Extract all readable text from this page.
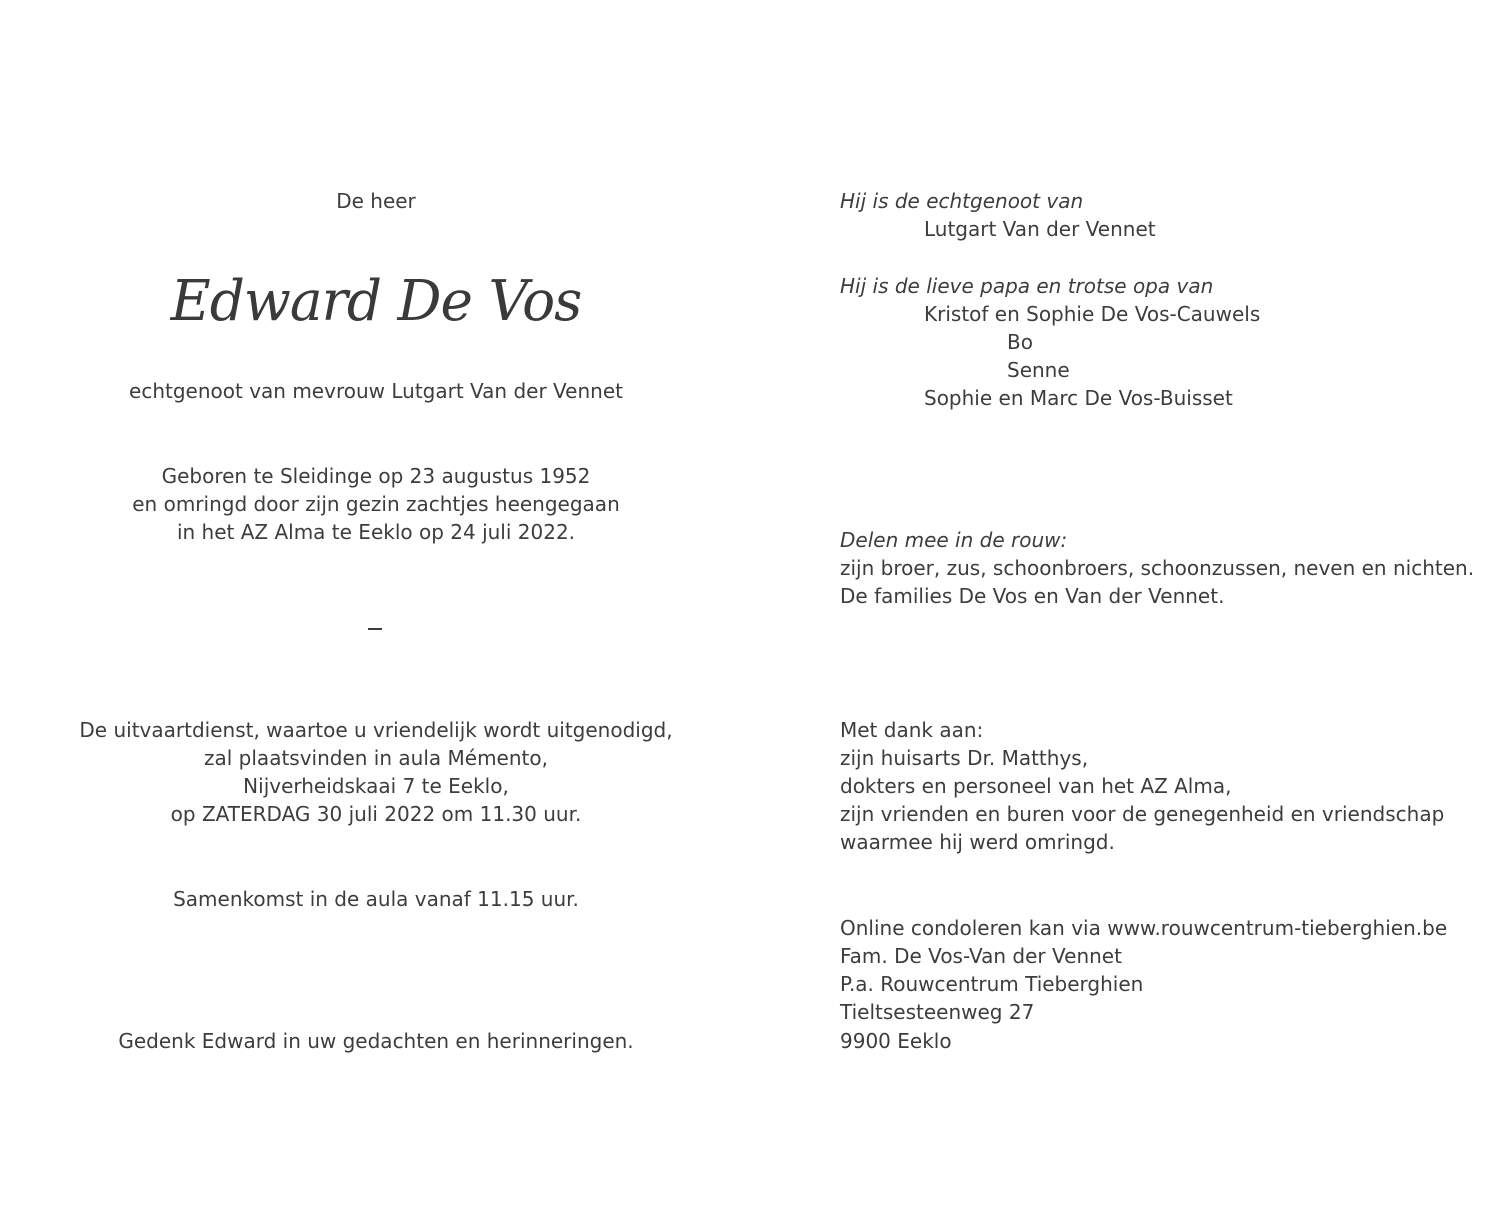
De heer
Edward De Vos
echtgenoot van mevrouw Lutgart Van der Vennet
Geboren te Sleidinge op 23 augustus 1952
en omringd door zijn gezin zachtjes heengegaan
in het AZ Alma te Eeklo op 24 juli 2022.
De uitvaartdienst, waartoe u vriendelijk wordt uitgenodigd,
zal plaatsvinden in aula Mémento,
Nijverheidskaai 7 te Eeklo,
op ZATERDAG 30 juli 2022 om 11.30 uur.
Samenkomst in de aula vanaf 11.15 uur.
Gedenk Edward in uw gedachten en herinneringen.
Hij is de echtgenoot van
Lutgart Van der Vennet
Hij is de lieve papa en trotse opa van
Kristof en Sophie De Vos-Cauwels
Bo
Senne
Sophie en Marc De Vos-Buisset
Delen mee in de rouw:
zijn broer, zus, schoonbroers, schoonzussen, neven en nichten.
De families De Vos en Van der Vennet.
Met dank aan:
zijn huisarts Dr. Matthys,
dokters en personeel van het AZ Alma,
zijn vrienden en buren voor de genegenheid en vriendschap
waarmee hij werd omringd.
Online condoleren kan via www.rouwcentrum-tieberghien.be
Fam. De Vos-Van der Vennet
P.a. Rouwcentrum Tieberghien
Tieltsesteenweg 27
9900 Eeklo
